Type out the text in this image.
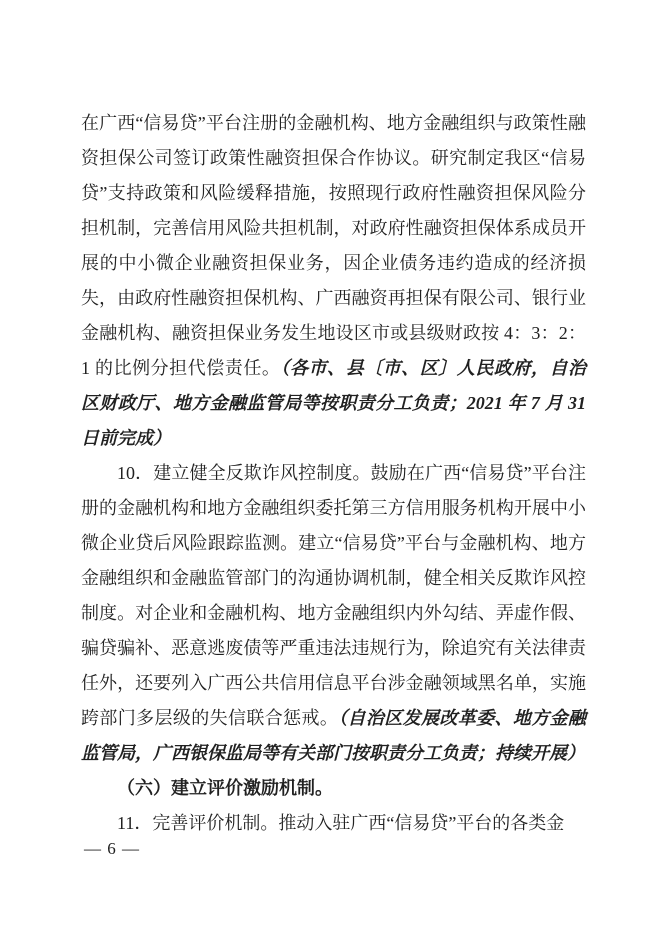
在广西“信易贷”平台注册的金融机构、地方金融组织与政策性融资担保公司签订政策性融资担保合作协议。研究制定我区“信易贷”支持政策和风险缓释措施，按照现行政府性融资担保风险分担机制，完善信用风险共担机制，对政府性融资担保体系成员开展的中小微企业融资担保业务，因企业债务违约造成的经济损失，由政府性融资担保机构、广西融资再担保有限公司、银行业金融机构、融资担保业务发生地设区市或县级财政按 4：3：2：1 的比例分担代偿责任。（各市、县〔市、区〕人民政府，自治区财政厅、地方金融监管局等按职责分工负责；2021 年 7 月 31 日前完成）

10．建立健全反欺诈风控制度。鼓励在广西“信易贷”平台注册的金融机构和地方金融组织委托第三方信用服务机构开展中小微企业贷后风险跟踪监测。建立“信易贷”平台与金融机构、地方金融组织和金融监管部门的沟通协调机制，健全相关反欺诈风控制度。对企业和金融机构、地方金融组织内外勾结、弄虚作假、骗贷骗补、恶意逃废债等严重违法违规行为，除追究有关法律责任外，还要列入广西公共信用信息平台涉金融领域黑名单，实施跨部门多层级的失信联合惩戒。（自治区发展改革委、地方金融监管局，广西银保监局等有关部门按职责分工负责；持续开展）

（六）建立评价激励机制。

11．完善评价机制。推动入驻广西“信易贷”平台的各类金

— 6 —
